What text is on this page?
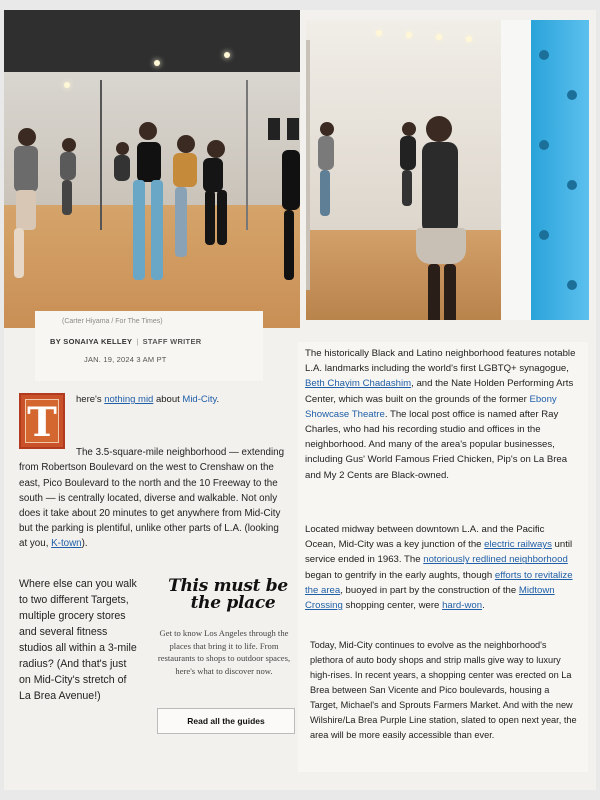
(Carter Hiyama / For The Times)
BY SONAIYA KELLEY | STAFF WRITER
JAN. 19, 2024 3 AM PT
T here's nothing mid about Mid-City.
The 3.5-square-mile neighborhood — extending from Robertson Boulevard on the west to Crenshaw on the east, Pico Boulevard to the north and the 10 Freeway to the south — is centrally located, diverse and walkable. Not only does it take about 20 minutes to get anywhere from Mid-City but the parking is plentiful, unlike other parts of L.A. (looking at you, K-town).
Where else can you walk to two different Targets, multiple grocery stores and several fitness studios all within a 3-mile radius? (And that's just on Mid-City's stretch of La Brea Avenue!)
This must be
the place
Get to know Los Angeles through the places that bring it to life. From restaurants to shops to outdoor spaces, here's what to discover now.
Read all the guides
The historically Black and Latino neighborhood features notable L.A. landmarks including the world's first LGBTQ+ synagogue, Beth Chayim Chadashim, and the Nate Holden Performing Arts Center, which was built on the grounds of the former Ebony Showcase Theatre. The local post office is named after Ray Charles, who had his recording studio and offices in the neighborhood. And many of the area's popular businesses, including Gus' World Famous Fried Chicken, Pip's on La Brea and My 2 Cents are Black-owned.
Located midway between downtown L.A. and the Pacific Ocean, Mid-City was a key junction of the electric railways until service ended in 1963. The notoriously redlined neighborhood began to gentrify in the early aughts, though efforts to revitalize the area, buoyed in part by the construction of the Midtown Crossing shopping center, were hard-won.
Today, Mid-City continues to evolve as the neighborhood's plethora of auto body shops and strip malls give way to luxury high-rises. In recent years, a shopping center was erected on La Brea between San Vicente and Pico boulevards, housing a Target, Michael's and Sprouts Farmers Market. And with the new Wilshire/La Brea Purple Line station, slated to open next year, the area will be more easily accessible than ever.
